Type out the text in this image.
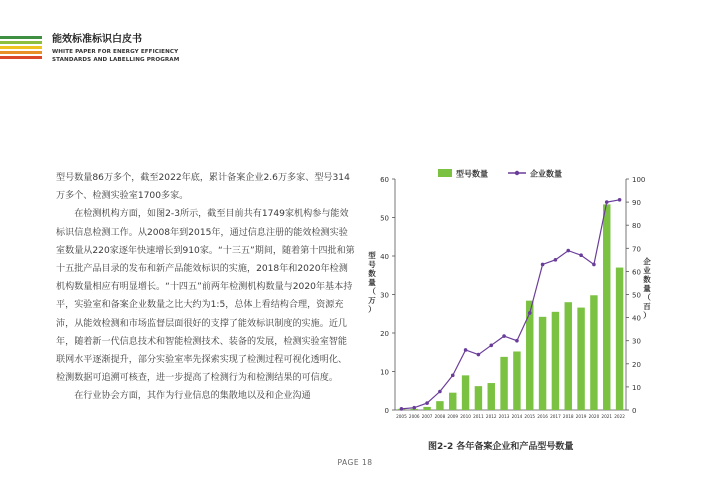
能效标准标识白皮书
WHITE PAPER FOR ENERGY EFFICIENCY
STANDARDS AND LABELLING PROGRAM

型号数量86万多个，截至2022年底，累计备案企业2.6万多家、型号314万多个、检测实验室1700多家。

　　在检测机构方面，如图2-3所示，截至目前共有1749家机构参与能效标识信息检测工作。从2008年到2015年，通过信息注册的能效检测实验室数量从220家逐年快速增长到910家。“十三五”期间，随着第十四批和第十五批产品目录的发布和新产品能效标识的实施，2018年和2020年检测机构数量相应有明显增长。“十四五”前两年检测机构数量与2020年基本持平，实验室和备案企业数量之比大约为1:5，总体上看结构合理，资源充沛，从能效检测和市场监督层面很好的支撑了能效标识制度的实施。近几年，随着新一代信息技术和智能检测技术、装备的发展，检测实验室智能联网水平逐渐提升，部分实验室率先探索实现了检测过程可视化透明化、检测数据可追溯可核查，进一步提高了检测行为和检测结果的可信度。

　　在行业协会方面，其作为行业信息的集散地以及和企业沟通

0
10
20
30
40
50
60
0
10
20
30
40
50
60
70
80
90
100
2005 2006 2007 2008 2009 2010 2011 2012 2013 2014 2015 2016 2017 2018 2019 2020 2021 2022
型号数量	企业数量
型号数量（万）
企业数量（百）
图2-2 各年备案企业和产品型号数量
PAGE 18
